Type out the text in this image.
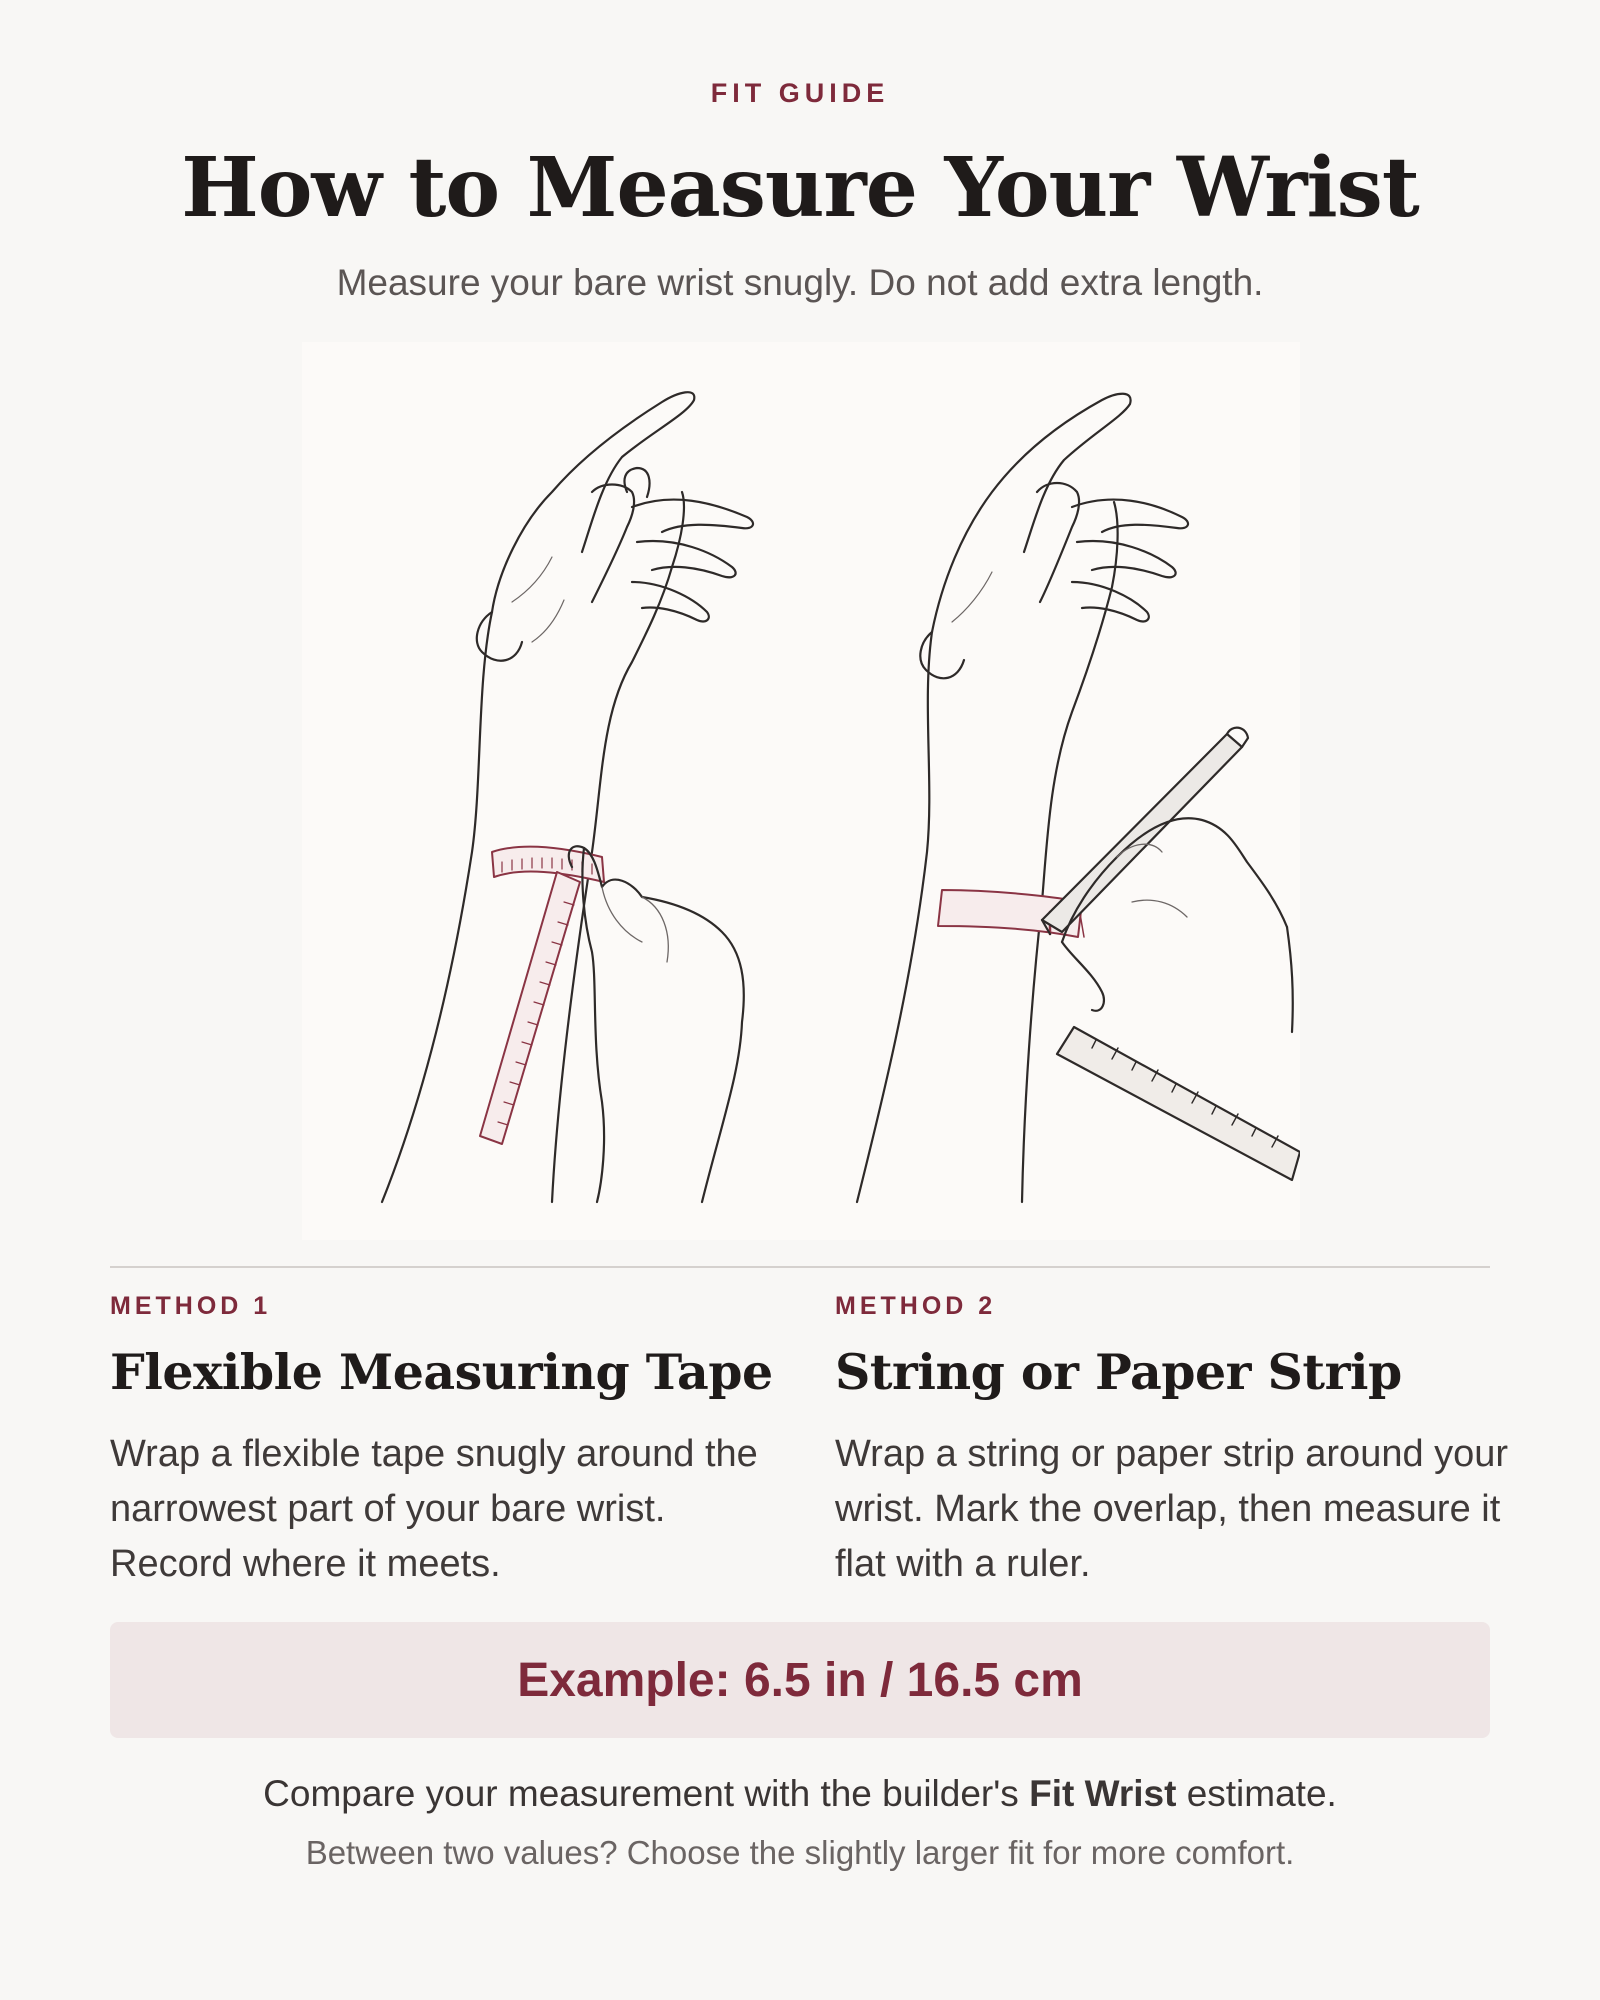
FIT GUIDE
How to Measure Your Wrist
Measure your bare wrist snugly. Do not add extra length.
METHOD 1
Flexible Measuring Tape
Wrap a flexible tape snugly around the narrowest part of your bare wrist. Record where it meets.
METHOD 2
String or Paper Strip
Wrap a string or paper strip around your wrist. Mark the overlap, then measure it flat with a ruler.
Example: 6.5 in / 16.5 cm
Compare your measurement with the builder's Fit Wrist estimate.
Between two values? Choose the slightly larger fit for more comfort.
